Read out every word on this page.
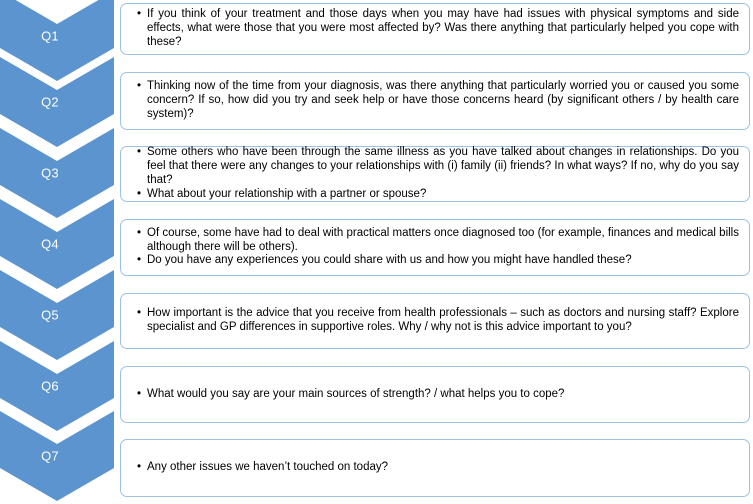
Q1
• If you think of your treatment and those days when you may have had issues with physical symptoms and side effects, what were those that you were most affected by? Was there anything that particularly helped you cope with these?
Q2
• Thinking now of the time from your diagnosis, was there anything that particularly worried you or caused you some concern? If so, how did you try and seek help or have those concerns heard (by significant others / by health care system)?
Q3
• Some others who have been through the same illness as you have talked about changes in relationships. Do you feel that there were any changes to your relationships with (i) family (ii) friends? In what ways? If no, why do you say that?
• What about your relationship with a partner or spouse?
Q4
• Of course, some have had to deal with practical matters once diagnosed too (for example, finances and medical bills although there will be others).
• Do you have any experiences you could share with us and how you might have handled these?
Q5	• How important is the advice that you receive from health professionals – such as doctors and nursing staff? Explore specialist and GP differences in supportive roles. Why / why not is this advice important to you?
Q6
• What would you say are your main sources of strength? / what helps you to cope?
Q7
• Any other issues we haven’t touched on today?
